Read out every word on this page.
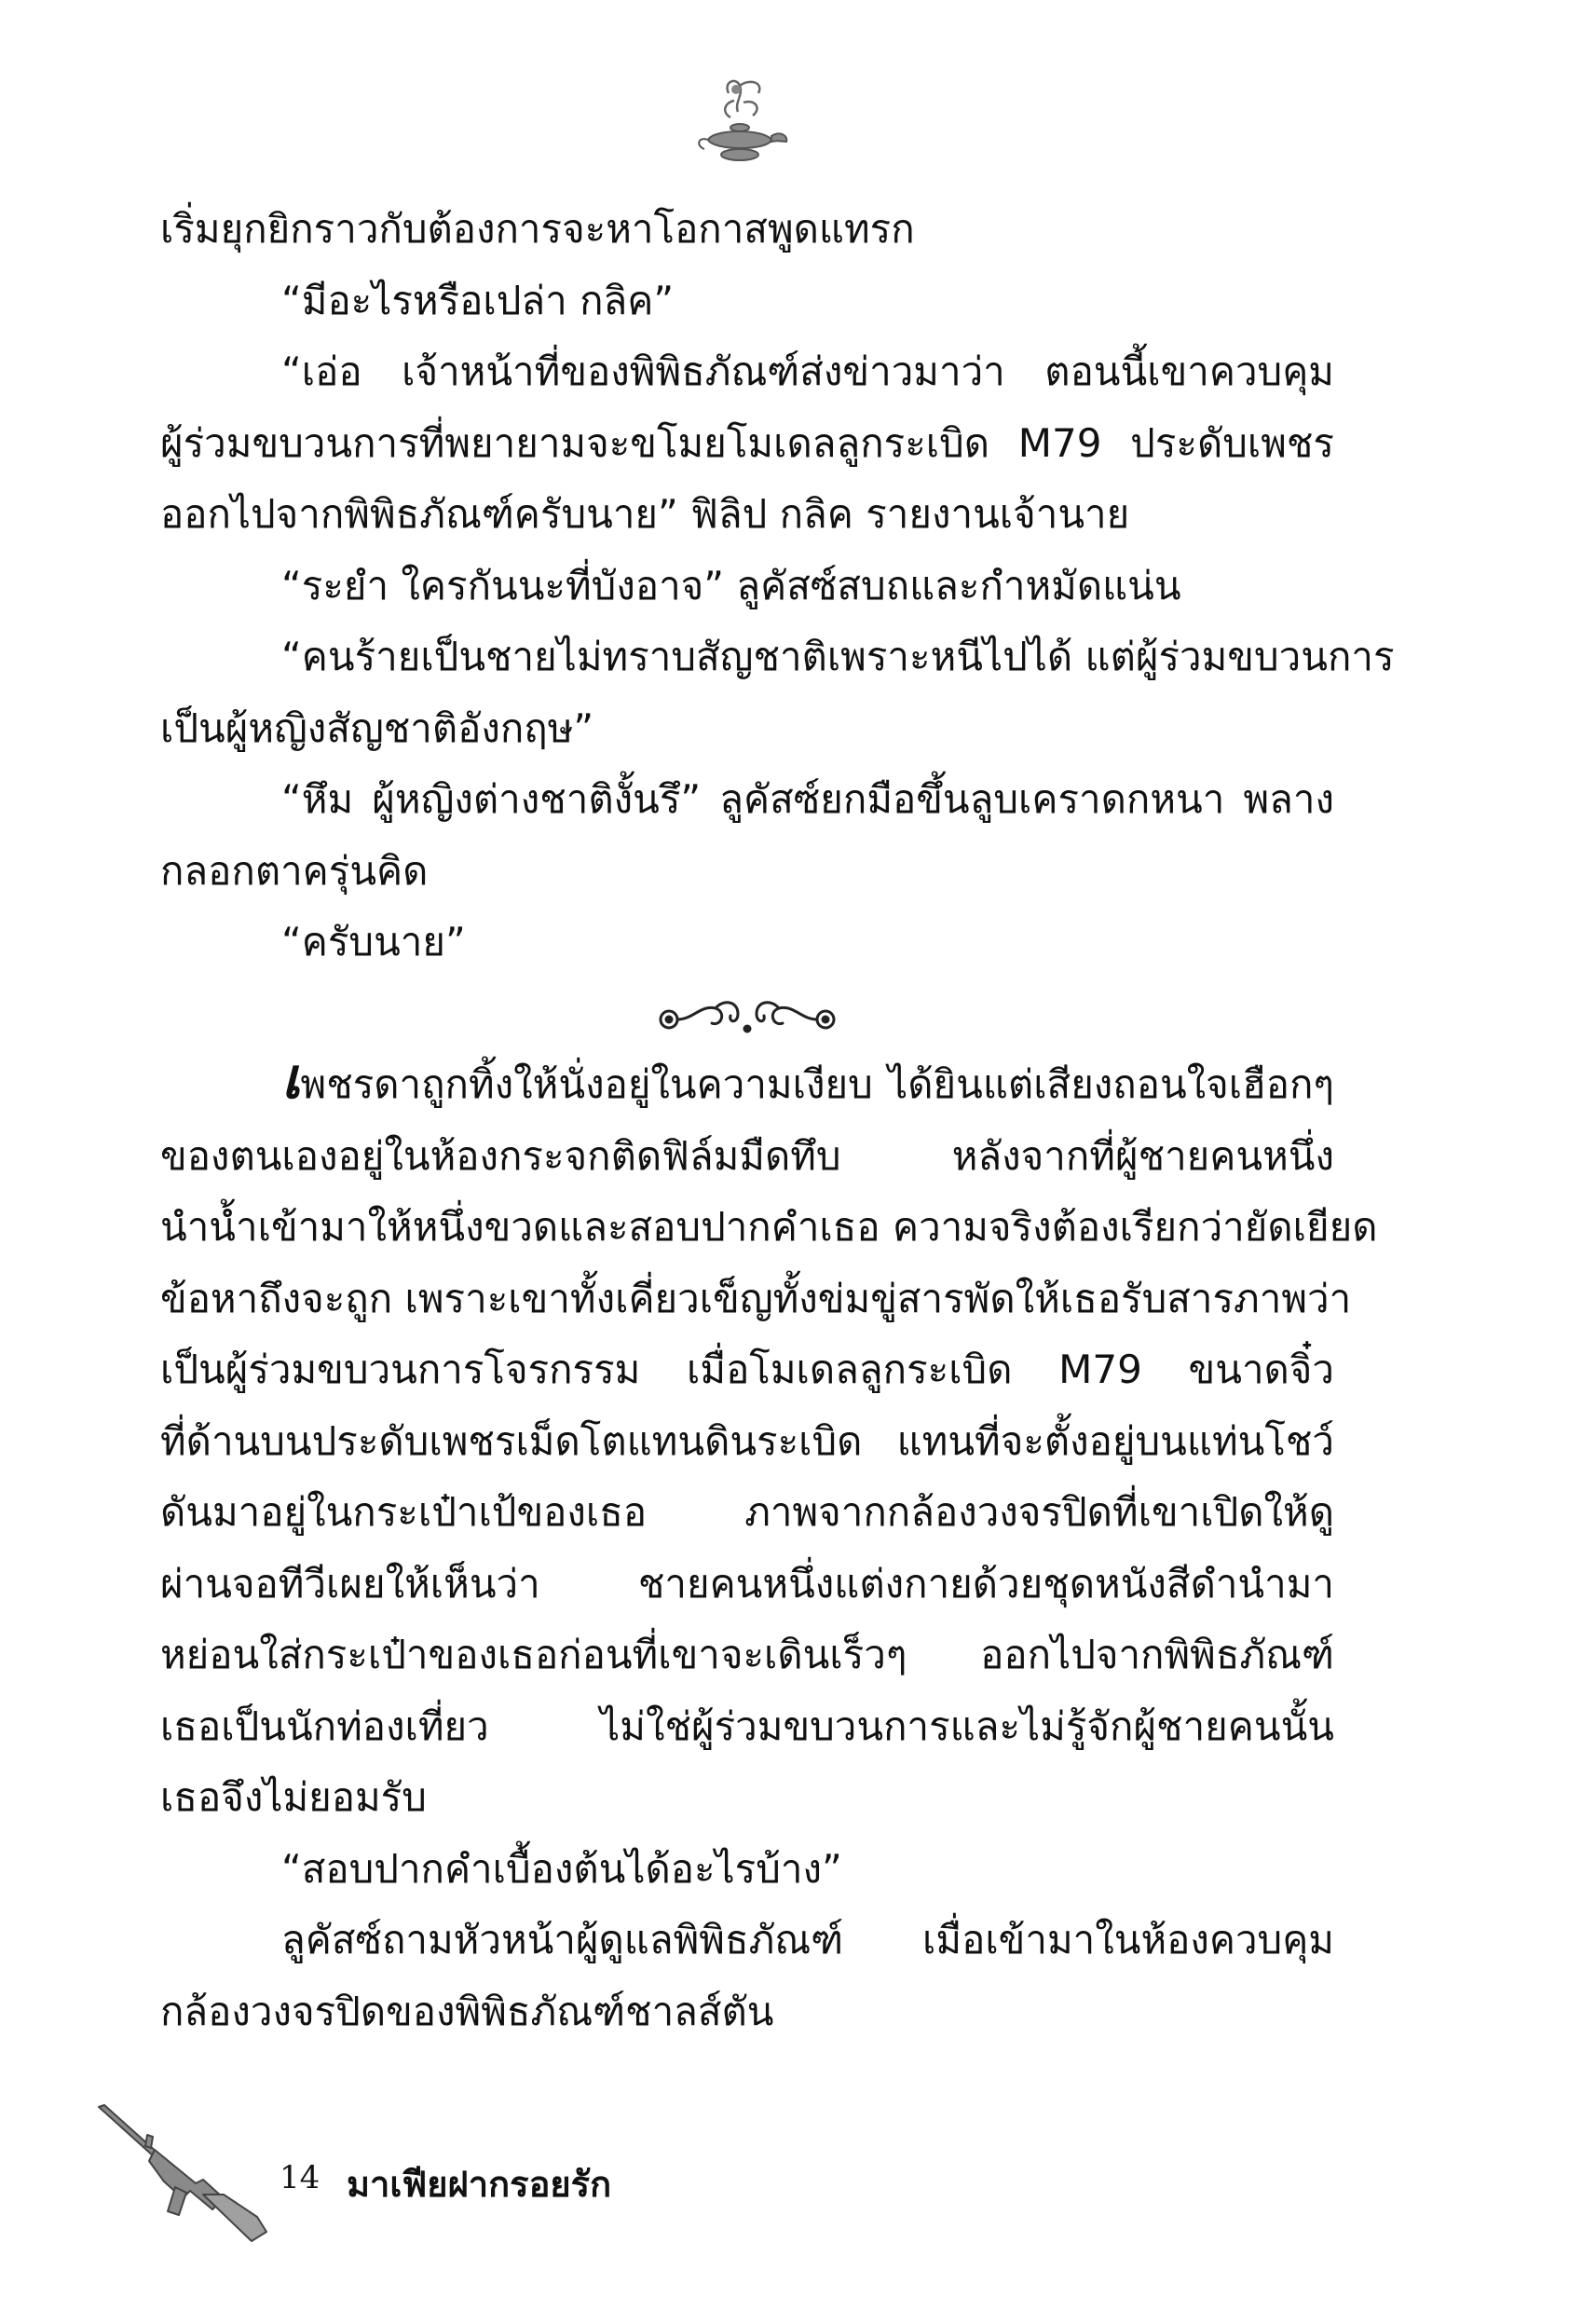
เริ่มยุกยิกราวกับต้องการจะหาโอกาสพูดแทรก
“มีอะไรหรือเปล่า กลิค”
“เอ่อ เจ้าหน้าที่ของพิพิธภัณฑ์ส่งข่าวมาว่า ตอนนี้เขาควบคุม
ผู้ร่วมขบวนการที่พยายามจะขโมยโมเดลลูกระเบิด M79 ประดับเพชร
ออกไปจากพิพิธภัณฑ์ครับนาย” ฟิลิป กลิค รายงานเจ้านาย
“ระยำ ใครกันนะที่บังอาจ” ลูคัสซ์สบถและกำหมัดแน่น
“คนร้ายเป็นชายไม่ทราบสัญชาติเพราะหนีไปได้ แต่ผู้ร่วมขบวนการ
เป็นผู้หญิงสัญชาติอังกฤษ”
“หึม ผู้หญิงต่างชาติงั้นรึ” ลูคัสซ์ยกมือขึ้นลูบเคราดกหนา พลาง
กลอกตาครุ่นคิด
“ครับนาย”
เพชรดาถูกทิ้งให้นั่งอยู่ในความเงียบ ได้ยินแต่เสียงถอนใจเฮือกๆ
ของตนเองอยู่ในห้องกระจกติดฟิล์มมืดทึบ หลังจากที่ผู้ชายคนหนึ่ง
นำน้ำเข้ามาให้หนึ่งขวดและสอบปากคำเธอ ความจริงต้องเรียกว่ายัดเยียด
ข้อหาถึงจะถูก เพราะเขาทั้งเคี่ยวเข็ญทั้งข่มขู่สารพัดให้เธอรับสารภาพว่า
เป็นผู้ร่วมขบวนการโจรกรรม เมื่อโมเดลลูกระเบิด M79 ขนาดจิ๋ว
ที่ด้านบนประดับเพชรเม็ดโตแทนดินระเบิด แทนที่จะตั้งอยู่บนแท่นโชว์
ดันมาอยู่ในกระเป๋าเป้ของเธอ ภาพจากกล้องวงจรปิดที่เขาเปิดให้ดู
ผ่านจอทีวีเผยให้เห็นว่า ชายคนหนึ่งแต่งกายด้วยชุดหนังสีดำนำมา
หย่อนใส่กระเป๋าของเธอก่อนที่เขาจะเดินเร็วๆ ออกไปจากพิพิธภัณฑ์
เธอเป็นนักท่องเที่ยว ไม่ใช่ผู้ร่วมขบวนการและไม่รู้จักผู้ชายคนนั้น
เธอจึงไม่ยอมรับ
“สอบปากคำเบื้องต้นได้อะไรบ้าง”
ลูคัสซ์ถามหัวหน้าผู้ดูแลพิพิธภัณฑ์ เมื่อเข้ามาในห้องควบคุม
กล้องวงจรปิดของพิพิธภัณฑ์ชาลส์ตัน
14 มาเฟียฝากรอยรัก
